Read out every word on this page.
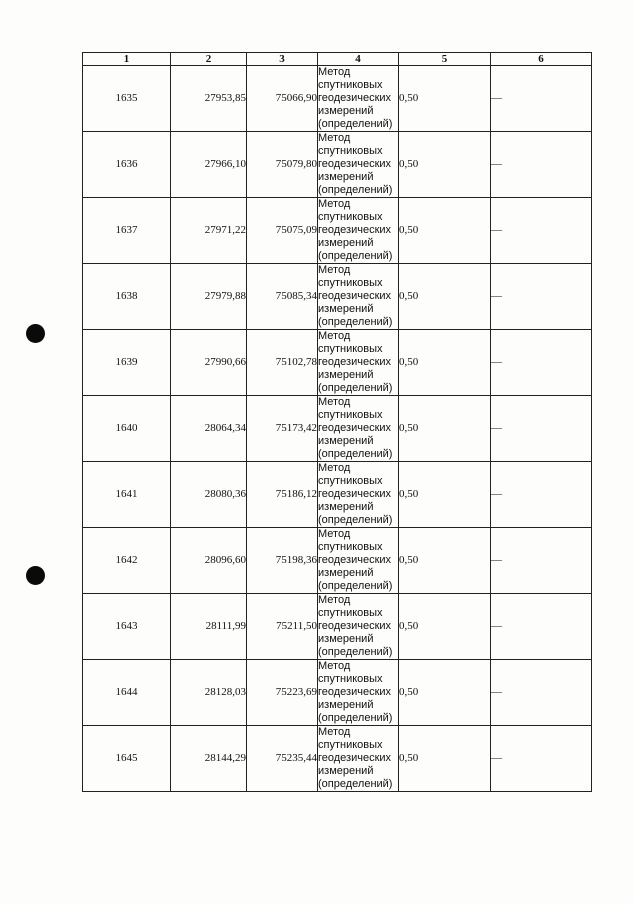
1	2	3	4	5	6
1635	27953,85	75066,90	Метод
спутниковых
геодезических
измерений
(определений)	0,50	—
1636	27966,10	75079,80	Метод
спутниковых
геодезических
измерений
(определений)	0,50	—
1637	27971,22	75075,09	Метод
спутниковых
геодезических
измерений
(определений)	0,50	—
1638	27979,88	75085,34	Метод
спутниковых
геодезических
измерений
(определений)	0,50	—
1639	27990,66	75102,78	Метод
спутниковых
геодезических
измерений
(определений)	0,50	—
1640	28064,34	75173,42	Метод
спутниковых
геодезических
измерений
(определений)	0,50	—
1641	28080,36	75186,12	Метод
спутниковых
геодезических
измерений
(определений)	0,50	—
1642	28096,60	75198,36	Метод
спутниковых
геодезических
измерений
(определений)	0,50	—
1643	28111,99	75211,50	Метод
спутниковых
геодезических
измерений
(определений)	0,50	—
1644	28128,03	75223,69	Метод
спутниковых
геодезических
измерений
(определений)	0,50	—
1645	28144,29	75235,44	Метод
спутниковых
геодезических
измерений
(определений)	0,50	—
